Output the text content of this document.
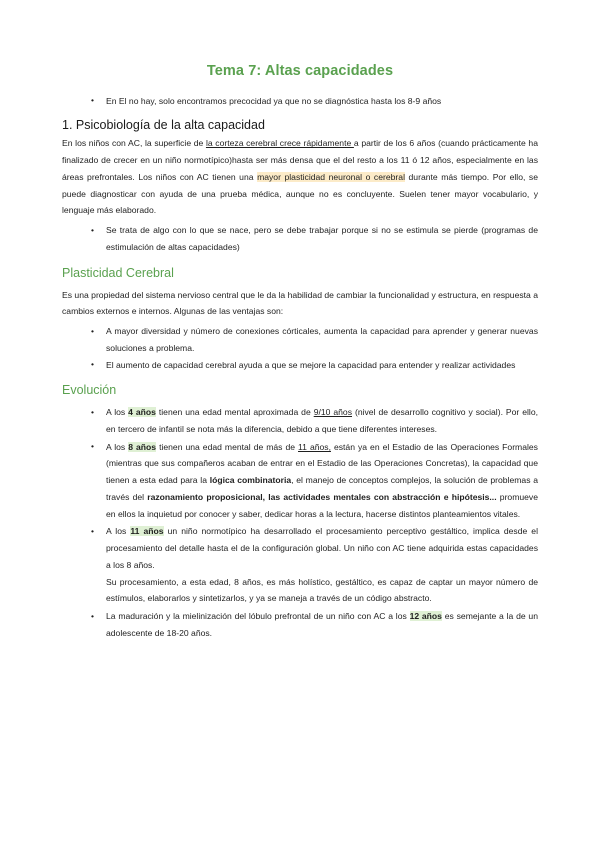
Tema 7: Altas capacidades
• En El no hay, solo encontramos precocidad ya que no se diagnóstica hasta los 8-9 años
1. Psicobiología de la alta capacidad

En los niños con AC, la superficie de la corteza cerebral crece rápidamente a partir de los 6 años (cuando prácticamente ha finalizado de crecer en un niño normotípico)hasta ser más densa que el del resto a los 11 ó 12 años, especialmente en las áreas prefrontales. Los niños con AC tienen una mayor plasticidad neuronal o cerebral durante más tiempo. Por ello, se puede diagnosticar con ayuda de una prueba médica, aunque no es concluyente. Suelen tener mayor vocabulario, y lenguaje más elaborado.

• Se trata de algo con lo que se nace, pero se debe trabajar porque si no se estimula se pierde (programas de estimulación de altas capacidades)
Plasticidad Cerebral

Es una propiedad del sistema nervioso central que le da la habilidad de cambiar la funcionalidad y estructura, en respuesta a cambios externos e internos. Algunas de las ventajas son:

• A mayor diversidad y número de conexiones córticales, aumenta la capacidad para aprender y generar nuevas soluciones a problema.
• El aumento de capacidad cerebral ayuda a que se mejore la capacidad para entender y realizar actividades
Evolución
• A los 4 años tienen una edad mental aproximada de 9/10 años (nivel de desarrollo cognitivo y social). Por ello, en tercero de infantil se nota más la diferencia, debido a que tiene diferentes intereses.
• A los 8 años tienen una edad mental de más de 11 años, están ya en el Estadio de las Operaciones Formales (mientras que sus compañeros acaban de entrar en el Estadio de las Operaciones Concretas), la capacidad que tienen a esta edad para la lógica combinatoria, el manejo de conceptos complejos, la solución de problemas a través del razonamiento proposicional, las actividades mentales con abstracción e hipótesis... promueve en ellos la inquietud por conocer y saber, dedicar horas a la lectura, hacerse distintos planteamientos vitales.
• A los 11 años un niño normotípico ha desarrollado el procesamiento perceptivo gestáltico, implica desde el procesamiento del detalle hasta el de la configuración global. Un niño con AC tiene adquirida estas capacidades a los 8 años.
Su procesamiento, a esta edad, 8 años, es más holístico, gestáltico, es capaz de captar un mayor número de estímulos, elaborarlos y sintetizarlos, y ya se maneja a través de un código abstracto.
• La maduración y la mielinización del lóbulo prefrontal de un niño con AC a los 12 años es semejante a la de un adolescente de 18-20 años.
